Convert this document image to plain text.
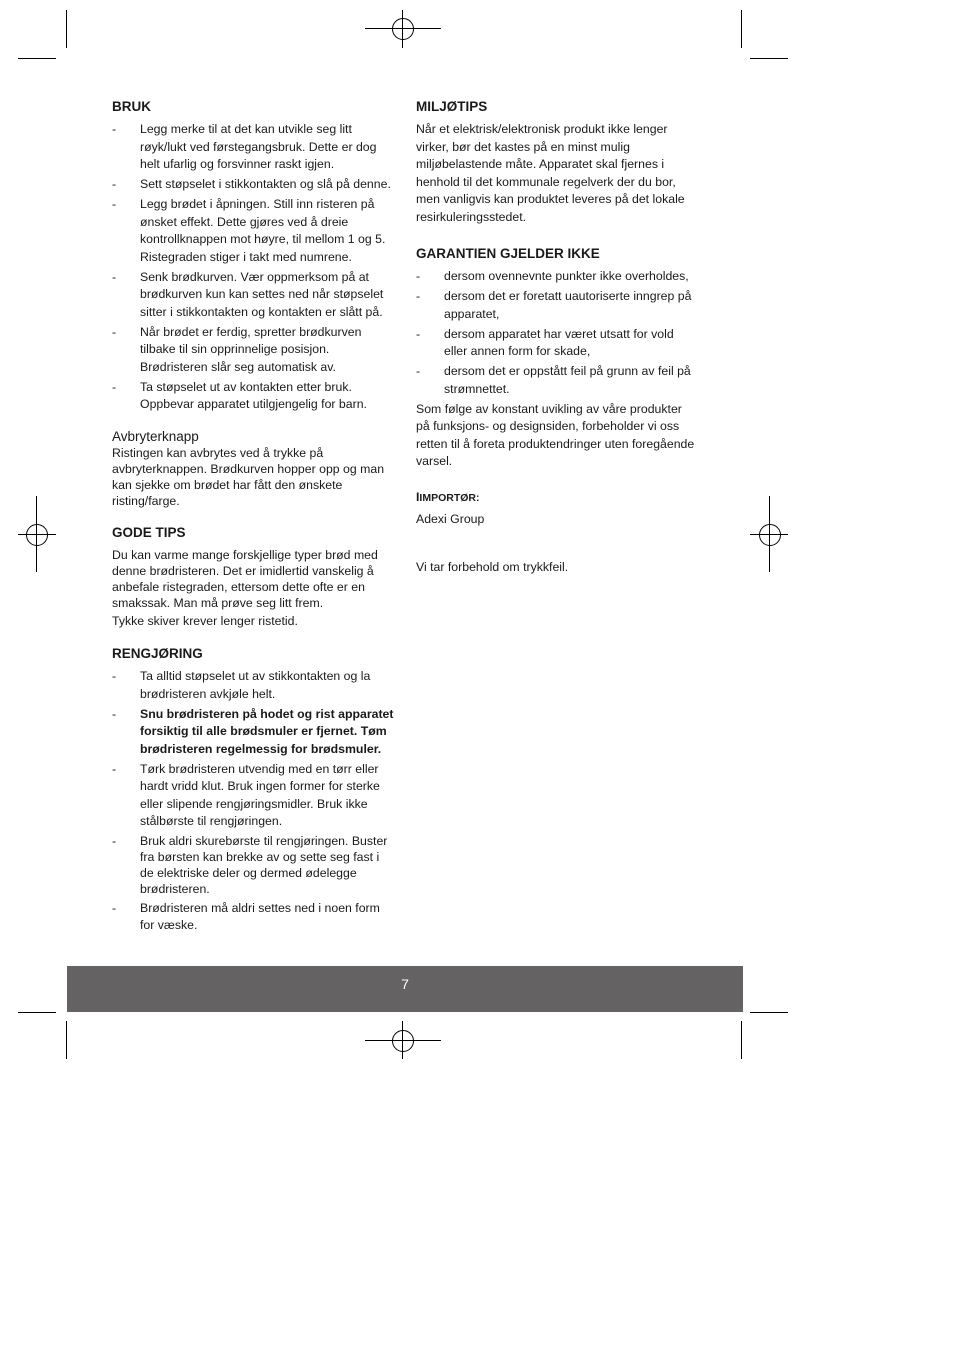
BRUK
- Legg merke til at det kan utvikle seg litt røyk/lukt ved førstegangsbruk. Dette er dog helt ufarlig og forsvinner raskt igjen.
- Sett støpselet i stikkontakten og slå på denne.
- Legg brødet i åpningen. Still inn risteren på ønsket effekt. Dette gjøres ved å dreie kontrollknappen mot høyre, til mellom 1 og 5. Ristegraden stiger i takt med numrene.
- Senk brødkurven. Vær oppmerksom på at brødkurven kun kan settes ned når støpselet sitter i stikkontakten og kontakten er slått på.
- Når brødet er ferdig, spretter brødkurven tilbake til sin opprinnelige posisjon. Brødristeren slår seg automatisk av.
- Ta støpselet ut av kontakten etter bruk. Oppbevar apparatet utilgjengelig for barn.
Avbryterknapp

Ristingen kan avbrytes ved å trykke på avbryterknappen. Brødkurven hopper opp og man kan sjekke om brødet har fått den ønskete risting/farge.

GODE TIPS

Du kan varme mange forskjellige typer brød med denne brødristeren. Det er imidlertid vanskelig å anbefale ristegraden, ettersom dette ofte er en smakssak. Man må prøve seg litt frem.

Tykke skiver krever lenger ristetid.

RENGJØRING
- Ta alltid støpselet ut av stikkontakten og la brødristeren avkjøle helt.
- Snu brødristeren på hodet og rist apparatet forsiktig til alle brødsmuler er fjernet. Tøm brødristeren regelmessig for brødsmuler.
- Tørk brødristeren utvendig med en tørr eller hardt vridd klut. Bruk ingen former for sterke eller slipende rengjøringsmidler. Bruk ikke stålbørste til rengjøringen.
- Bruk aldri skurebørste til rengjøringen. Buster fra børsten kan brekke av og sette seg fast i de elektriske deler og dermed ødelegge brødristeren.
- Brødristeren må aldri settes ned i noen form for væske.
MILJØTIPS

Når et elektrisk/elektronisk produkt ikke lenger virker, bør det kastes på en minst mulig miljøbelastende måte. Apparatet skal fjernes i henhold til det kommunale regelverk der du bor, men vanligvis kan produktet leveres på det lokale resirkuleringsstedet.

GARANTIEN GJELDER IKKE
- dersom ovennevnte punkter ikke overholdes,
- dersom det er foretatt uautoriserte inngrep på apparatet,
- dersom apparatet har været utsatt for vold eller annen form for skade,
- dersom det er oppstått feil på grunn av feil på strømnettet.

Som følge av konstant uvikling av våre produkter på funksjons- og designsiden, forbeholder vi oss retten til å foreta produktendringer uten foregående varsel.

IIMPORTØR:

Adexi Group

Vi tar forbehold om trykkfeil.

7
